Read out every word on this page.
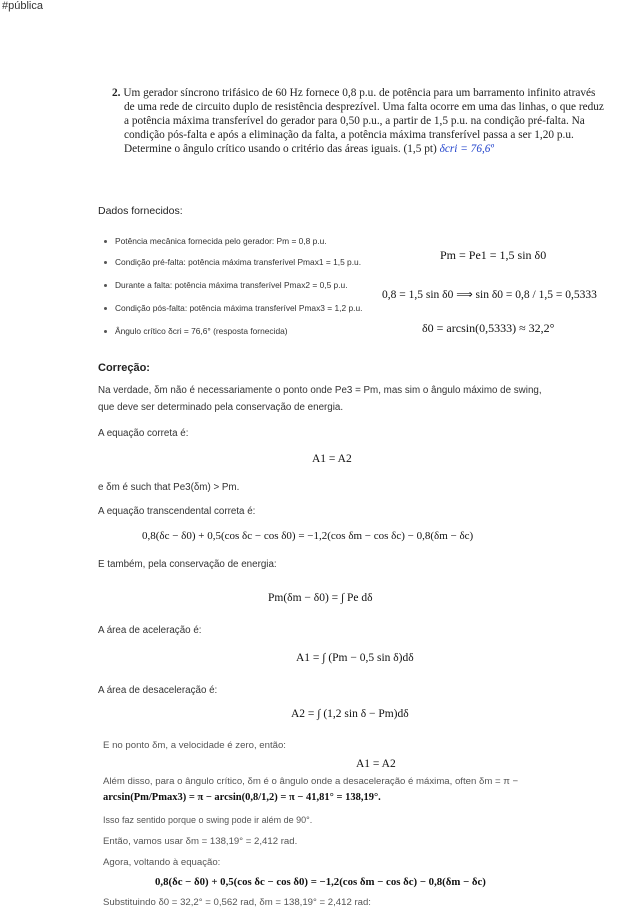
#pública
2. Um gerador síncrono trifásico de 60 Hz fornece 0,8 p.u. de potência para um barramento infinito através
de uma rede de circuito duplo de resistência desprezível. Uma falta ocorre em uma das linhas, o que reduz
a potência máxima transferível do gerador para 0,50 p.u., a partir de 1,5 p.u. na condição pré-falta. Na
condição pós-falta e após a eliminação da falta, a potência máxima transferível passa a ser 1,20 p.u.
Determine o ângulo crítico usando o critério das áreas iguais. (1,5 pt) δcri = 76,6º
Dados fornecidos:
Potência mecânica fornecida pelo gerador: Pm = 0,8 p.u.
Condição pré-falta: potência máxima transferível Pmax1 = 1,5 p.u.
Durante a falta: potência máxima transferível Pmax2 = 0,5 p.u.
Condição pós-falta: potência máxima transferível Pmax3 = 1,2 p.u.
Ângulo crítico δcri = 76,6° (resposta fornecida)
Pm = Pe1 = 1,5 sin δ0
0,8 = 1,5 sin δ0 ⟹ sin δ0 = 0,8 / 1,5 = 0,5333
δ0 = arcsin(0,5333) ≈ 32,2°
Correção:
Na verdade, δm não é necessariamente o ponto onde Pe3 = Pm, mas sim o ângulo máximo de swing,
que deve ser determinado pela conservação de energia.
A equação correta é:
A1 = A2
e δm é such that Pe3(δm) > Pm.
A equação transcendental correta é:
0,8(δc − δ0) + 0,5(cos δc − cos δ0) = −1,2(cos δm − cos δc) − 0,8(δm − δc)
E também, pela conservação de energia:
Pm(δm − δ0) = ∫ Pe dδ
A área de aceleração é:
A1 = ∫ (Pm − 0,5 sin δ)dδ
A área de desaceleração é:
A2 = ∫ (1,2 sin δ − Pm)dδ
E no ponto δm, a velocidade é zero, então:
A1 = A2
Além disso, para o ângulo crítico, δm é o ângulo onde a desaceleração é máxima, often δm = π −
arcsin(Pm/Pmax3) = π − arcsin(0,8/1,2) = π − 41,81° = 138,19°.
Isso faz sentido porque o swing pode ir além de 90°.
Então, vamos usar δm = 138,19° = 2,412 rad.
Agora, voltando à equação:
0,8(δc − δ0) + 0,5(cos δc − cos δ0) = −1,2(cos δm − cos δc) − 0,8(δm − δc)
Substituindo δ0 = 32,2° = 0,562 rad, δm = 138,19° = 2,412 rad:
